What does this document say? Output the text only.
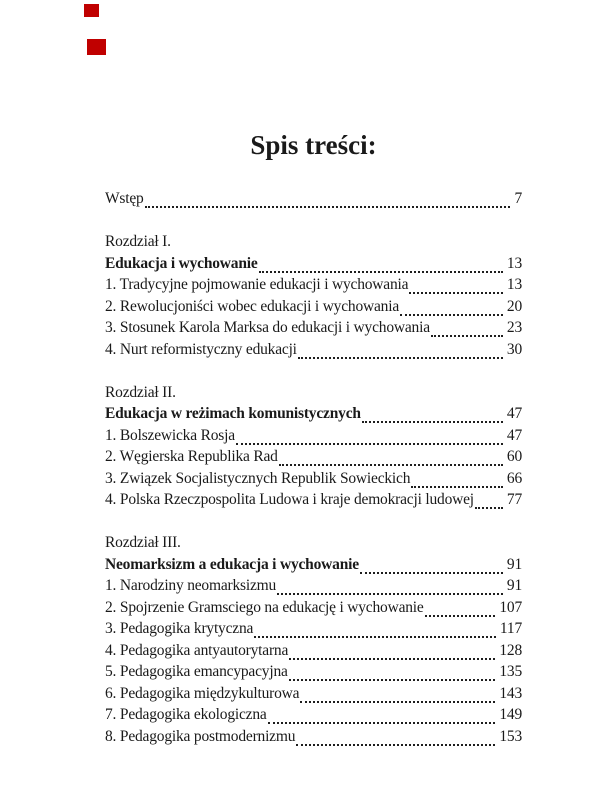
Spis treści:
Wstęp	7
Rozdział I.
Edukacja i wychowanie	13
1. Tradycyjne pojmowanie edukacji i wychowania	13
2. Rewolucjoniści wobec edukacji i wychowania	20
3. Stosunek Karola Marksa do edukacji i wychowania	23
4. Nurt reformistyczny edukacji	30
Rozdział II.
Edukacja w reżimach komunistycznych	47
1. Bolszewicka Rosja	47
2. Węgierska Republika Rad	60
3. Związek Socjalistycznych Republik Sowieckich	66
4. Polska Rzeczpospolita Ludowa i kraje demokracji ludowej 77
Rozdział III.
Neomarksizm a edukacja i wychowanie	91
1. Narodziny neomarksizmu	91
2. Spojrzenie Gramsciego na edukację i wychowanie	107
3. Pedagogika krytyczna	117
4. Pedagogika antyautorytarna	128
5. Pedagogika emancypacyjna	135
6. Pedagogika międzykulturowa	143
7. Pedagogika ekologiczna	149
8. Pedagogika postmodernizmu	153
